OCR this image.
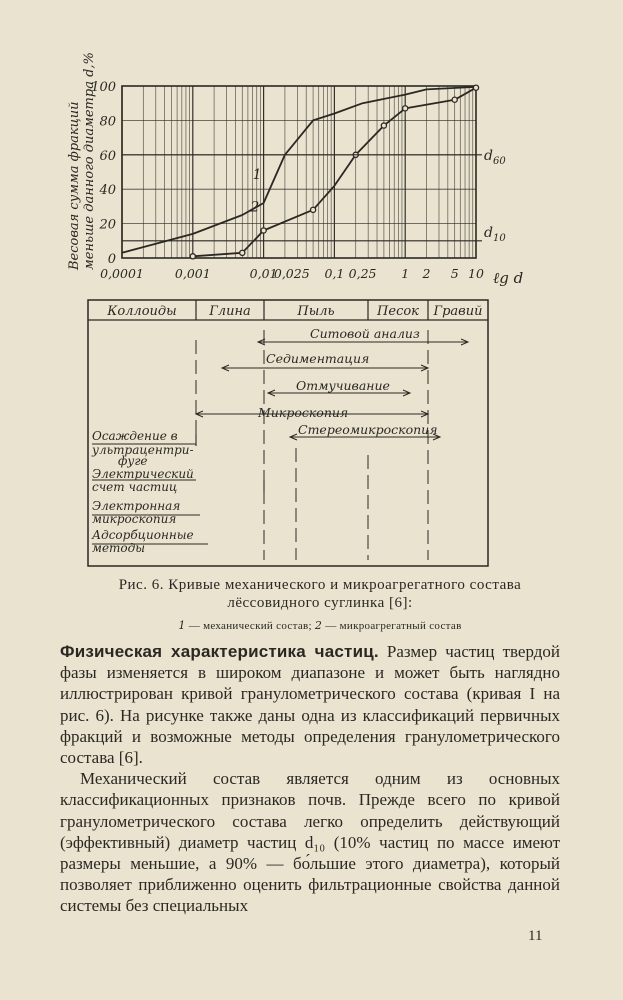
0
20
40
60
80
100
0,0001 0,001	0,01
0,025 0,1 0,25 1 2 5 10
1
2
$d_{60}$
$d_{10}$
Весовая сумма фракций меньше данного диаметра d,%
ℓg d
Коллоиды Глина	Пыль	Песок Гравий
Ситовой анализ
Седиментация
Отмучивание
Микроскопия
Стереомикроскопия
Осаждение в
ультрацентри-
фуге
Электрический
счет частиц
Электронная
микроскопия
Адсорбционные
методы
Рис. 6. Кривые механического и микроагрегатного состава
лёссовидного суглинка [6]:
1 — механический состав; 2 — микроагрегатный состав

Физическая характеристика частиц. Размер частиц твердой фазы изменяется в широком диапазоне и может быть наглядно иллюстрирован кривой гранулометрического состава (кривая I на рис. 6). На рисунке также даны одна из классификаций первичных фракций и возможные методы определения гранулометрического состава [6].

Механический состав является одним из основных классификационных признаков почв. Прежде всего по кривой гранулометрического состава легко определить действующий (эффективный) диаметр частиц d₁₀ (10% частиц по массе имеют размеры меньшие, а 90% — бо́льшие этого диаметра), который позволяет приближенно оценить фильтрационные свойства данной системы без специальных

11
